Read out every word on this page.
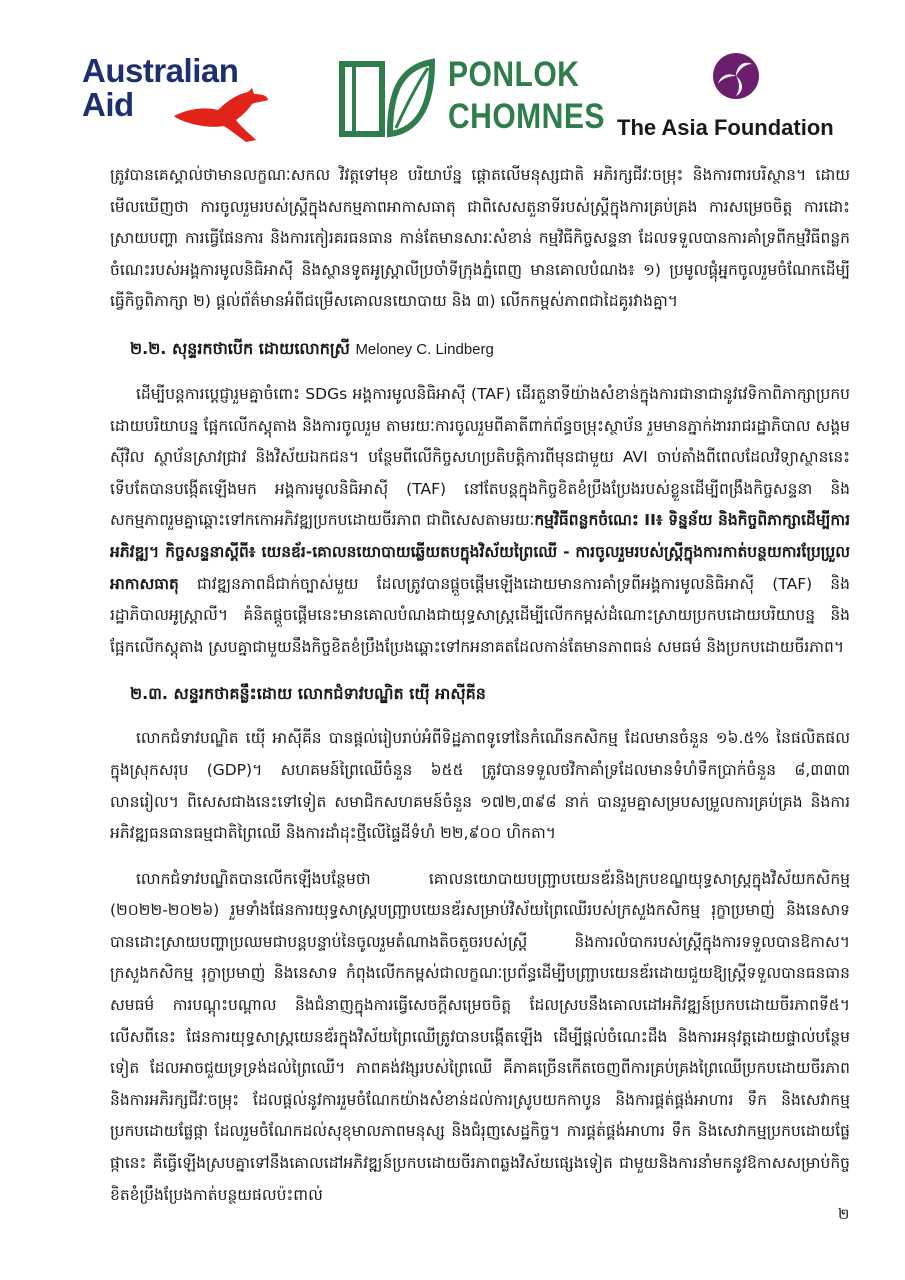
Australian
Aid
PONLOK
CHOMNES The Asia Foundation

ត្រូវបានគេស្គាល់ថាមានលក្ខណៈសកល វិវត្តទៅមុខ បរិយាប័ន្ន ផ្តោតលើមនុស្សជាតិ អភិរក្សជីវៈចម្រុះ និងការពារបរិស្ថាន។ ដោយមើលឃើញថា ការចូលរួមរបស់ស្ត្រីក្នុងសកម្មភាពអាកាសធាតុ ជាពិសេសតួនាទីរបស់ស្ត្រីក្នុងការគ្រប់គ្រង ការសម្រេចចិត្ត ការដោះស្រាយបញ្ហា ការធ្វើផែនការ និងការកៀរគរធនធាន កាន់តែមានសារៈសំខាន់ កម្មវិធីកិច្ចសន្ទនា ដែលទទួលបានការគាំទ្រពីកម្មវិធីពន្លកចំណេះរបស់អង្គការមូលនិធិអាស៊ី និងស្ថានទូតអូស្ត្រាលីប្រចាំទីក្រុងភ្នំពេញ មានគោលបំណង៖ ១) ប្រមូលផ្តុំអ្នកចូលរួមចំណែកដើម្បីធ្វើកិច្ចពិភាក្សា ២) ផ្តល់ព័ត៌មានអំពីជម្រើសគោលនយោបាយ និង ៣) លើកកម្ពស់ភាពជាដៃគូរវាងគ្នា។

២.២. សុន្ទរកថាបើក ដោយលោកស្រី Meloney C. Lindberg

ដើម្បីបន្តការប្តេជ្ញារួមគ្នាចំពោះ SDGs អង្គការមូលនិធិអាស៊ី (TAF) ដើរតួនាទីយ៉ាងសំខាន់ក្នុងការជានាជានូវវេទិកាពិភាក្សាប្រកបដោយបរិយាបន្ន ផ្អែកលើកស្តុតាង និងការចូលរួម តាមរយៈការចូលរួមពីគាតីពាក់ព័ន្ធចម្រុះស្ថាប័ន រួមមានភ្នាក់ងាររាជរដ្ឋាភិបាល សង្គមស៊ីវិល ស្ថាប័នស្រាវជ្រាវ និងវិស័យឯកជន។ បន្ថែមពីលើកិច្ចសហប្រតិបត្តិការពីមុនជាមួយ AVI ចាប់តាំងពីពេលដែលវិទ្យាស្ថាននេះទើបតែបានបង្កើតឡើងមក អង្គការមូលនិធិអាស៊ី (TAF) នៅតែបន្តក្នុងកិច្ចខិតខំប្រឹងប្រែងរបស់ខ្លួនដើម្បីពង្រឹងកិច្ចសន្ទនា និងសកម្មភាពរួមគ្នាឆ្ពោះទៅកកោអភិវឌ្ឍប្រកបដោយចីរភាព ជាពិសេសតាមរយៈកម្មវិធីពន្លកចំណេះ II៖ ទិន្នន័យ និងកិច្ចពិភាក្សាដើម្បីការអភិវឌ្ឍ។ កិច្ចសន្ទនាស្តីពី៖ យេនឌ័រ-គោលនយោបាយឆ្លើយតបក្នុងវិស័យព្រៃឈើ - ការចូលរួមរបស់ស្ត្រីក្នុងការកាត់បន្ថយការប្រែប្រួលអាកាសធាតុ ជាវឌ្ឍនភាពដ៏ជាក់ច្បាស់មួយ ដែលត្រូវបានផ្តួចផ្តើមឡើងដោយមានការគាំទ្រពីអង្គការមូលនិធិអាស៊ី (TAF) និងរដ្ឋាភិបាលអូស្ត្រាលី។ គំនិតផ្តួចផ្តើមនេះមានគោលបំណងជាយុទ្ធសាស្ត្រដើម្បីលើកកម្ពស់ដំណោះស្រាយប្រកបដោយបរិយាបន្ន និងផ្អែកលើកស្តុតាង ស្របគ្នាជាមួយនឹងកិច្ចខិតខំប្រឹងប្រែងឆ្ពោះទៅកអនាគតដែលកាន់តែមានភាពធន់ សមធម៌ និងប្រកបដោយចីរភាព។

២.៣. សន្ទរកថាគន្លឹះដោយ លោកជំទាវបណ្ឌិត យ៉ើ អាស៊ីគីន

លោកជំទាវបណ្ឌិត យ៉ើ អាស៊ីគីន បានផ្តល់រៀបរាប់អំពីទិដ្ឋភាពទូទៅនៃកំណើនកសិកម្ម ដែលមានចំនួន ១៦.៥% នៃផលិតផលក្នុងស្រុកសរុប (GDP)។ សហគមន៍ព្រៃឈើចំនួន ៦៥៥ ត្រូវបានទទួលថវិកាគាំទ្រដែលមានទំហំទឹកប្រាក់ចំនួន ៨,៣៣៣ លានរៀល។ ពិសេសជាងនេះទៅទៀត សមាជិកសហគមន៍ចំនួន ១៧២,៣៩៨ នាក់ បានរួមគ្នាសម្របសម្រួលការគ្រប់គ្រង និងការអភិវឌ្ឍធនធានធម្មជាតិព្រៃឈើ និងការដាំដុះថ្មីលើផ្ទៃដីទំហំ ២២,៩០០ ហិកតា។

លោកជំទាវបណ្ឌិតបានលើកឡើងបន្ថែមថា គោលនយោបាយបញ្ជ្រាបយេនឌ័រនិងក្របខណ្ឌយុទ្ធសាស្ត្រក្នុងវិស័យកសិកម្ម (២០២២-២០២៦) រួមទាំងផែនការយុទ្ធសាស្ត្របញ្ជ្រាបយេនឌ័រសម្រាប់វិស័យព្រៃឈើរបស់ក្រសួងកសិកម្ម រុក្ខាប្រមាញ់ និងនេសាទ បានដោះស្រាយបញ្ហាប្រឈមជាបន្តបន្ទាប់នៃចូលរួមតំណាងតិចតួចរបស់ស្ត្រី និងការលំបាករបស់ស្ត្រីក្នុងការទទួលបានឱកាស។ ក្រសួងកសិកម្ម រុក្ខាប្រមាញ់ និងនេសាទ កំពុងលើកកម្ពស់ជាលក្ខណៈប្រព័ន្ធដើម្បីបញ្ជ្រាបយេនឌ័រដោយជួយឱ្យស្ត្រីទទួលបានធនធានសមធម៌ ការបណ្តុះបណ្តាល និងជំនាញក្នុងការធ្វើសេចក្តីសម្រេចចិត្ត ដែលស្របនឹងគោលដៅអភិវឌ្ឍន៍ប្រកបដោយចីរភាពទី៥។ លើសពីនេះ ផែនការយុទ្ធសាស្ត្រយេនឌ័រក្នុងវិស័យព្រៃឈើត្រូវបានបង្កើតឡើង ដើម្បីផ្តល់ចំណេះដឹង និងការអនុវត្តដោយផ្ទាល់បន្ថែមទៀត ដែលអាចជួយទ្រទ្រង់ដល់ព្រៃឈើ។ ភាពគង់វង្សរបស់ព្រៃឈើ គឺភាគច្រើនកើតចេញពីការគ្រប់គ្រងព្រៃឈើប្រកបដោយចីរភាព និងការអភិរក្សជីវៈចម្រុះ ដែលផ្តល់នូវការរួមចំណែកយ៉ាងសំខាន់ដល់ការស្រូបយកកាបូន និងការផ្គត់ផ្គង់អាហារ ទឹក និងសេវាកម្មប្រកបដោយផ្លែផ្កា ដែលរួមចំណែកដល់សុខុមាលភាពមនុស្ស និងជំរុញសេដ្ឋកិច្ច។ ការផ្គត់ផ្គង់អាហារ ទឹក និងសេវាកម្មប្រកបដោយផ្លែផ្កានេះ គឺធ្វើឡើងស្របគ្នាទៅនឹងគោលដៅអភិវឌ្ឍន៍ប្រកបដោយចីរភាពឆ្លងវិស័យផ្សេងទៀត ជាមួយនិងការនាំមកនូវឱកាសសម្រាប់កិច្ចខិតខំប្រឹងប្រែងកាត់បន្ថយផលប៉ះពាល់

២
